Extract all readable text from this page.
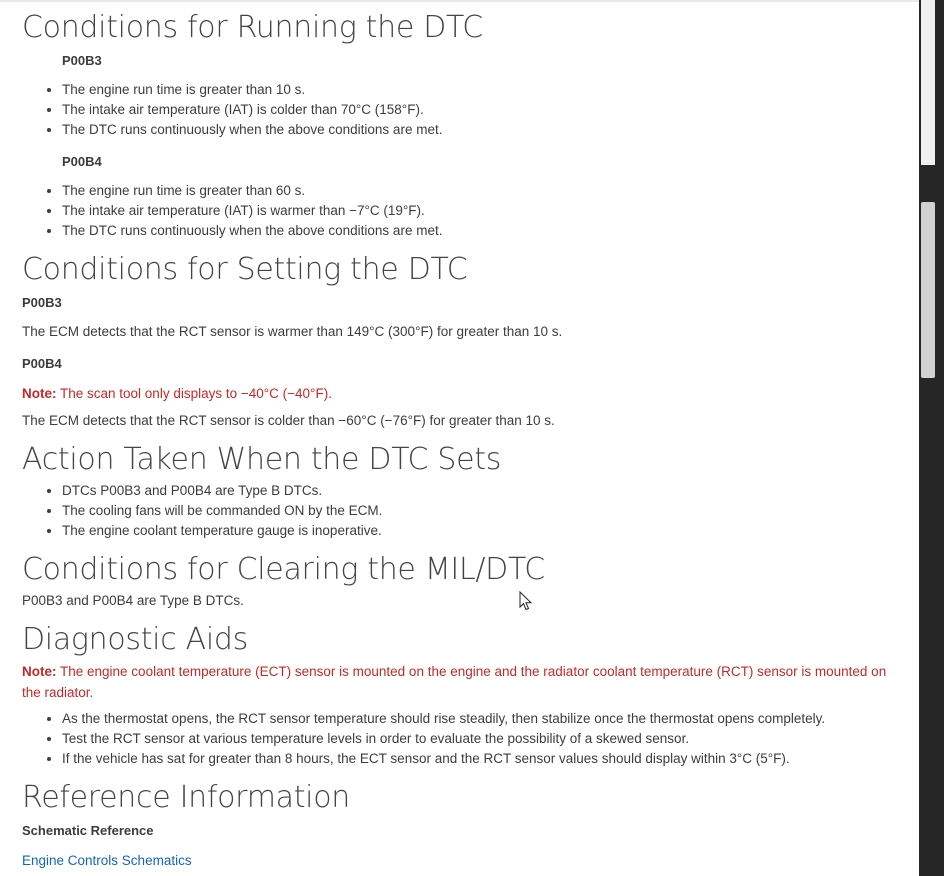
Conditions for Running the DTC
P00B3
• The engine run time is greater than 10 s.
• The intake air temperature (IAT) is colder than 70°C (158°F).
• The DTC runs continuously when the above conditions are met.
P00B4
• The engine run time is greater than 60 s.
• The intake air temperature (IAT) is warmer than −7°C (19°F).
• The DTC runs continuously when the above conditions are met.
Conditions for Setting the DTC
P00B3

The ECM detects that the RCT sensor is warmer than 149°C (300°F) for greater than 10 s.

P00B4
Note: The scan tool only displays to −40°C (−40°F).

The ECM detects that the RCT sensor is colder than −60°C (−76°F) for greater than 10 s.

Action Taken When the DTC Sets
• DTCs P00B3 and P00B4 are Type B DTCs.
• The cooling fans will be commanded ON by the ECM.
• The engine coolant temperature gauge is inoperative.
Conditions for Clearing the MIL/DTC

P00B3 and P00B4 are Type B DTCs.

Diagnostic Aids
Note: The engine coolant temperature (ECT) sensor is mounted on the engine and the radiator coolant temperature (RCT) sensor is mounted on the radiator.
• As the thermostat opens, the RCT sensor temperature should rise steadily, then stabilize once the thermostat opens completely.
• Test the RCT sensor at various temperature levels in order to evaluate the possibility of a skewed sensor.
• If the vehicle has sat for greater than 8 hours, the ECT sensor and the RCT sensor values should display within 3°C (5°F).
Reference Information
Schematic Reference
Engine Controls Schematics
